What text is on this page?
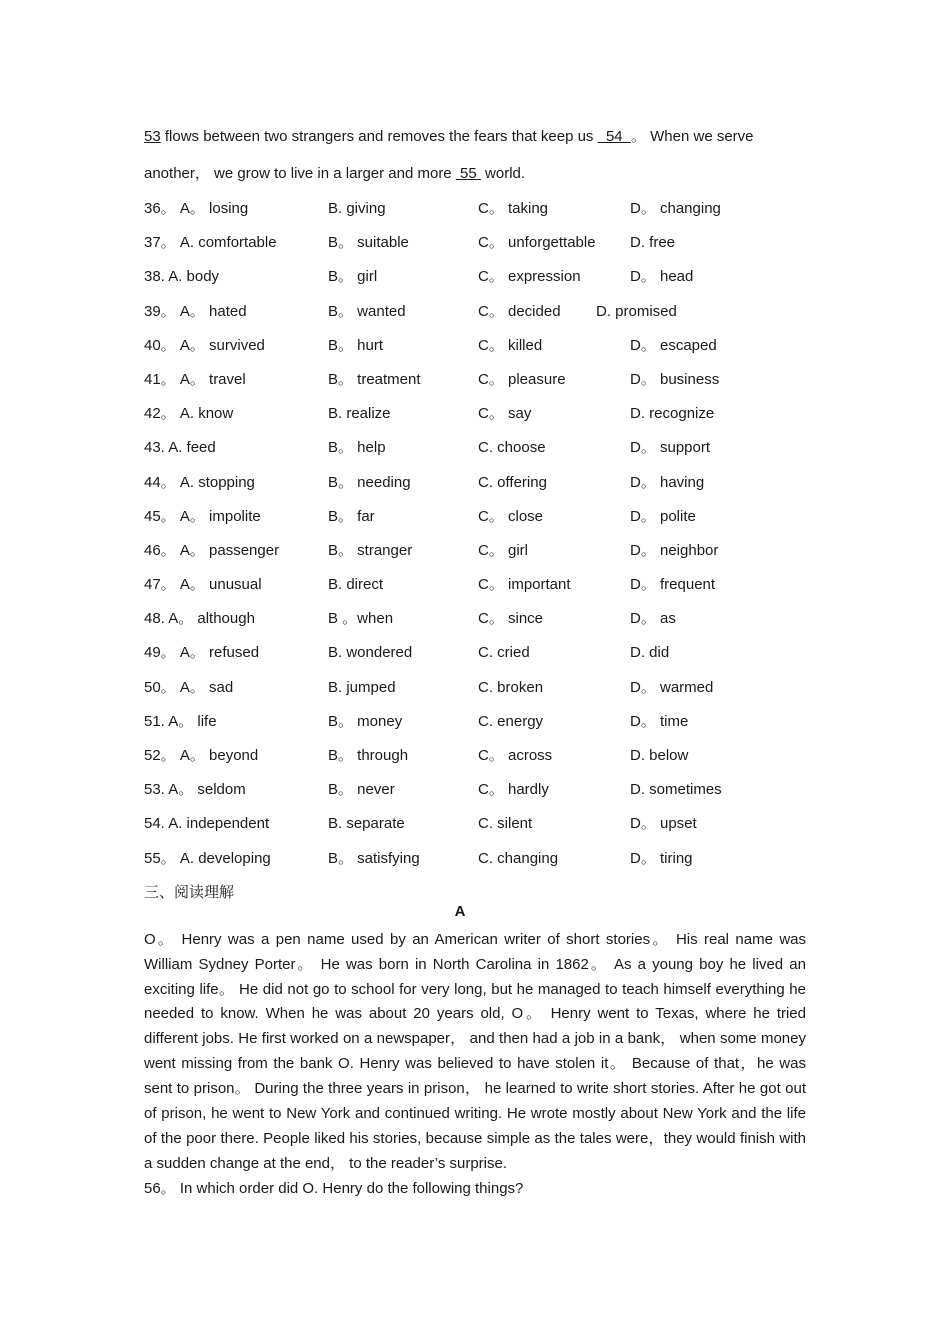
53 flows between two strangers and removes the fears that keep us   54 。 When we serve
another， we grow to live in a larger and more  55  world.
36。 A。 losing	B. giving	C。 taking	D。 changing
37。 A. comfortable	B。 suitable	C。 unforgettable D. free
38. A. body	B。 girl	C。 expression	D。 head
39。 A。 hated	B。 wanted	C。 decided D. promised
40。 A。 survived	B。 hurt	C。 killed	D。 escaped
41。 A。 travel	B。 treatment	C。 pleasure	D。 business
42。 A. know	B. realize	C。 say	D. recognize
43. A. feed	B。 help	C. choose	D。 support
44。 A. stopping	B。 needing	C. offering	D。 having
45。 A。 impolite	B。 far	C。 close	D。 polite
46。 A。 passenger	B。 stranger	C。 girl	D。 neighbor
47。 A。 unusual	B. direct	C。 important	D。 frequent
48. A。 although	B 。when	C。 since	D。 as
49。 A。 refused	B. wondered	C. cried	D. did
50。 A。 sad	B. jumped	C. broken	D。 warmed
51. A。 life	B。 money	C. energy	D。 time
52。 A。 beyond	B。 through	C。 across	D. below
53. A。 seldom	B。 never	C。 hardly	D. sometimes
54. A. independent	B. separate	C. silent	D。 upset
55。 A. developing	B。 satisfying	C. changing	D。 tiring
三、阅读理解
A
O。 Henry was a pen name used by an American writer of short stories。 His real name was William Sydney Porter。 He was born in North Carolina in 1862。 As a young boy he lived an exciting life。 He did not go to school for very long, but he managed to teach himself everything he needed to know. When he was about 20 years old, O。 Henry went to Texas, where he tried different jobs. He first worked on a newspaper， and then had a job in a bank， when some money went missing from the bank O. Henry was believed to have stolen it。 Because of that，he was sent to prison。 During the three years in prison， he learned to write short stories. After he got out of prison, he went to New York and continued writing. He wrote mostly about New York and the life of the poor there. People liked his stories, because simple as the tales were，they would finish with a sudden change at the end， to the reader’s surprise.
56。 In which order did O. Henry do the following things?
